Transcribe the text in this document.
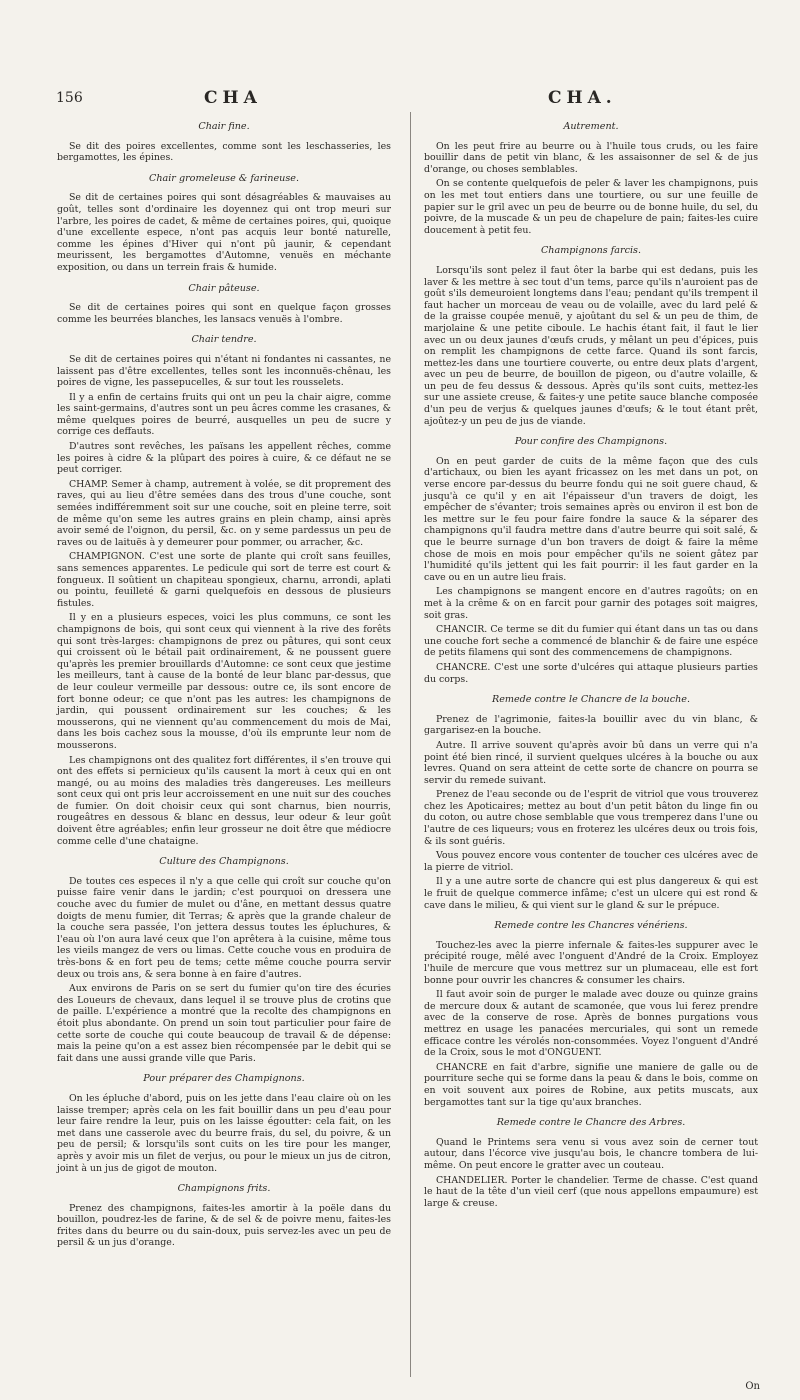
156	CHA	CHA.
Chair fine.
Se dit des poires excellentes, comme sont les leschasseries, les bergamottes, les épines.
Chair gromeleuse & farineuse.
Se dit de certaines poires qui sont désagréables & mauvaises au goût, telles sont d'ordinaire les doyennez qui ont trop meuri sur l'arbre, les poires de cadet, & même de certaines poires, qui, quoique d'une excellente espece, n'ont pas acquis leur bonté naturelle, comme les épines d'Hiver qui n'ont pû jaunir, & cependant meurissent, les bergamottes d'Automne, venuës en méchante exposition, ou dans un terrein frais & humide.
Chair pâteuse.
Se dit de certaines poires qui sont en quelque façon grosses comme les beurrées blanches, les lansacs venuës à l'ombre.
Chair tendre.
Se dit de certaines poires qui n'étant ni fondantes ni cassantes, ne laissent pas d'être excellentes, telles sont les inconnuës-chênau, les poires de vigne, les passepucelles, & sur tout les rousselets.
Il y a enfin de certains fruits qui ont un peu la chair aigre, comme les saint-germains, d'autres sont un peu âcres comme les crasanes, & même quelques poires de beurré, ausquelles un peu de sucre y corrige ces deffauts.
D'autres sont revêches, les païsans les appellent rêches, comme les poires à cidre & la plûpart des poires à cuire, & ce défaut ne se peut corriger.
CHAMP. Semer à champ, autrement à volée, se dit proprement des raves, qui au lieu d'être semées dans des trous d'une couche, sont semées indifféremment soit sur une couche, soit en pleine terre, soit de même qu'on seme les autres grains en plein champ, ainsi après avoir semé de l'oignon, du persil, &c. on y seme pardessus un peu de raves ou de laituës à y demeurer pour pommer, ou arracher, &c.
CHAMPIGNON. C'est une sorte de plante qui croît sans feuilles, sans semences apparentes. Le pedicule qui sort de terre est court & fongueux. Il soûtient un chapiteau spongieux, charnu, arrondi, aplati ou pointu, feuilleté & garni quelquefois en dessous de plusieurs fistules.
Il y en a plusieurs especes, voici les plus communs, ce sont les champignons de bois, qui sont ceux qui viennent à la rive des forêts qui sont très-larges: champignons de prez ou pâtures, qui sont ceux qui croissent où le bétail pait ordinairement, & ne poussent guere qu'après les premier brouillards d'Automne: ce sont ceux que jestime les meilleurs, tant à cause de la bonté de leur blanc par-dessus, que de leur couleur vermeille par dessous: outre ce, ils sont encore de fort bonne odeur; ce que n'ont pas les autres: les champignons de jardin, qui poussent ordinairement sur les couches; & les mousserons, qui ne viennent qu'au commencement du mois de Mai, dans les bois cachez sous la mousse, d'où ils emprunte leur nom de mousserons.
Les champignons ont des qualitez fort différentes, il s'en trouve qui ont des effets si pernicieux qu'ils causent la mort à ceux qui en ont mangé, ou au moins des maladies très dangereuses. Les meilleurs sont ceux qui ont pris leur accroissement en une nuit sur des couches de fumier. On doit choisir ceux qui sont charnus, bien nourris, rougeâtres en dessous & blanc en dessus, leur odeur & leur goût doivent être agréables; enfin leur grosseur ne doit être que médiocre comme celle d'une chataigne.
Culture des Champignons.
De toutes ces especes il n'y a que celle qui croît sur couche qu'on puisse faire venir dans le jardin; c'est pourquoi on dressera une couche avec du fumier de mulet ou d'âne, en mettant dessus quatre doigts de menu fumier, dit Terras; & après que la grande chaleur de la couche sera passée, l'on jettera dessus toutes les épluchures, & l'eau où l'on aura lavé ceux que l'on aprêtera à la cuisine, même tous les vieils mangez de vers ou limas. Cette couche vous en produira de très-bons & en fort peu de tems; cette même couche pourra servir deux ou trois ans, & sera bonne à en faire d'autres.
Aux environs de Paris on se sert du fumier qu'on tire des écuries des Loueurs de chevaux, dans lequel il se trouve plus de crotins que de paille. L'expérience a montré que la recolte des champignons en étoit plus abondante. On prend un soin tout particulier pour faire de cette sorte de couche qui coute beaucoup de travail & de dépense: mais la peine qu'on a est assez bien récompensée par le debit qui se fait dans une aussi grande ville que Paris.
Pour préparer des Champignons.
On les épluche d'abord, puis on les jette dans l'eau claire où on les laisse tremper; après cela on les fait bouillir dans un peu d'eau pour leur faire rendre la leur, puis on les laisse égoutter: cela fait, on les met dans une casserole avec du beurre frais, du sel, du poivre, & un peu de persil; & lorsqu'ils sont cuits on les tire pour les manger, après y avoir mis un filet de verjus, ou pour le mieux un jus de citron, joint à un jus de gigot de mouton.
Champignons frits.
Prenez des champignons, faites-les amortir à la poële dans du bouillon, poudrez-les de farine, & de sel & de poivre menu, faites-les frites dans du beurre ou du sain-doux, puis servez-les avec un peu de persil & un jus d'orange.
Autrement.
On les peut frire au beurre ou à l'huile tous cruds, ou les faire bouillir dans de petit vin blanc, & les assaisonner de sel & de jus d'orange, ou choses semblables.
On se contente quelquefois de peler & laver les champignons, puis on les met tout entiers dans une tourtiere, ou sur une feuille de papier sur le gril avec un peu de beurre ou de bonne huile, du sel, du poivre, de la muscade & un peu de chapelure de pain; faites-les cuire doucement à petit feu.
Champignons farcis.
Lorsqu'ils sont pelez il faut ôter la barbe qui est dedans, puis les laver & les mettre à sec tout d'un tems, parce qu'ils n'auroient pas de goût s'ils demeuroient longtems dans l'eau; pendant qu'ils trempent il faut hacher un morceau de veau ou de volaille, avec du lard pelé & de la graisse coupée menuë, y ajoûtant du sel & un peu de thim, de marjolaine & une petite ciboule. Le hachis étant fait, il faut le lier avec un ou deux jaunes d'œufs cruds, y mêlant un peu d'épices, puis on remplit les champignons de cette farce. Quand ils sont farcis, mettez-les dans une tourtiere couverte, ou entre deux plats d'argent, avec un peu de beurre, de bouillon de pigeon, ou d'autre volaille, & un peu de feu dessus & dessous. Après qu'ils sont cuits, mettez-les sur une assiete creuse, & faites-y une petite sauce blanche composée d'un peu de verjus & quelques jaunes d'œufs; & le tout étant prêt, ajoûtez-y un peu de jus de viande.
Pour confire des Champignons.
On en peut garder de cuits de la même façon que des culs d'artichaux, ou bien les ayant fricassez on les met dans un pot, on verse encore par-dessus du beurre fondu qui ne soit guere chaud, & jusqu'à ce qu'il y en ait l'épaisseur d'un travers de doigt, les empêcher de s'évanter; trois semaines après ou environ il est bon de les mettre sur le feu pour faire fondre la sauce & la séparer des champignons qu'il faudra mettre dans d'autre beurre qui soit salé, & que le beurre surnage d'un bon travers de doigt & faire la même chose de mois en mois pour empêcher qu'ils ne soient gâtez par l'humidité qu'ils jettent qui les fait pourrir: il les faut garder en la cave ou en un autre lieu frais.
Les champignons se mangent encore en d'autres ragoûts; on en met à la crême & on en farcit pour garnir des potages soit maigres, soit gras.
CHANCIR. Ce terme se dit du fumier qui étant dans un tas ou dans une couche fort seche a commencé de blanchir & de faire une espéce de petits filamens qui sont des commencemens de champignons.
CHANCRE. C'est une sorte d'ulcéres qui attaque plusieurs parties du corps.
Remede contre le Chancre de la bouche.
Prenez de l'agrimonie, faites-la bouillir avec du vin blanc, & gargarisez-en la bouche.
Autre. Il arrive souvent qu'après avoir bû dans un verre qui n'a point été bien rincé, il survient quelques ulcéres à la bouche ou aux levres. Quand on sera atteint de cette sorte de chancre on pourra se servir du remede suivant.
Prenez de l'eau seconde ou de l'esprit de vitriol que vous trouverez chez les Apoticaires; mettez au bout d'un petit bâton du linge fin ou du coton, ou autre chose semblable que vous tremperez dans l'une ou l'autre de ces liqueurs; vous en froterez les ulcéres deux ou trois fois, & ils sont guéris.
Vous pouvez encore vous contenter de toucher ces ulcéres avec de la pierre de vitriol.
Il y a une autre sorte de chancre qui est plus dangereux & qui est le fruit de quelque commerce infâme; c'est un ulcere qui est rond & cave dans le milieu, & qui vient sur le gland & sur le prépuce.
Remede contre les Chancres vénériens.
Touchez-les avec la pierre infernale & faites-les suppurer avec le précipité rouge, mêlé avec l'onguent d'André de la Croix. Employez l'huile de mercure que vous mettrez sur un plumaceau, elle est fort bonne pour ouvrir les chancres & consumer les chairs.
Il faut avoir soin de purger le malade avec douze ou quinze grains de mercure doux & autant de scamonée, que vous lui ferez prendre avec de la conserve de rose. Après de bonnes purgations vous mettrez en usage les panacées mercuriales, qui sont un remede efficace contre les vérolés non-consommées. Voyez l'onguent d'André de la Croix, sous le mot d'ONGUENT.
CHANCRE en fait d'arbre, signifie une maniere de galle ou de pourriture seche qui se forme dans la peau & dans le bois, comme on en voit souvent aux poires de Robine, aux petits muscats, aux bergamottes tant sur la tige qu'aux branches.
Remede contre le Chancre des Arbres.
Quand le Printems sera venu si vous avez soin de cerner tout autour, dans l'écorce vive jusqu'au bois, le chancre tombera de lui-même. On peut encore le gratter avec un couteau.
CHANDELIER. Porter le chandelier. Terme de chasse. C'est quand le haut de la tête d'un vieil cerf (que nous appellons empaumure) est large & creuse.
On
